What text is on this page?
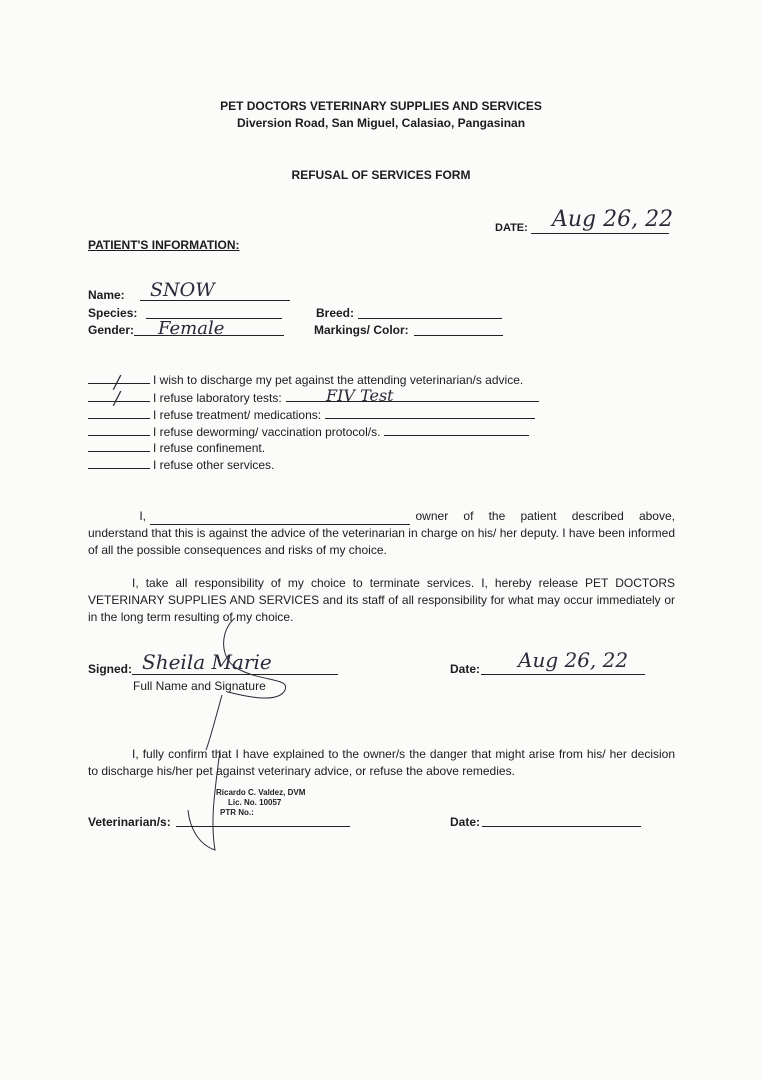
PET DOCTORS VETERINARY SUPPLIES AND SERVICES
Diversion Road, San Miguel, Calasiao, Pangasinan
REFUSAL OF SERVICES FORM
DATE: Aug 26, 22
PATIENT'S INFORMATION:
Name: SNOW
Species:	Breed:
Gender: Female	Markings/ Color:
I wish to discharge my pet against the attending veterinarian/s advice.
I refuse laboratory tests:
I refuse treatment/ medications:
I refuse deworming/ vaccination protocol/s.
I refuse confinement.
I refuse other services.
/
/	FIV Test
I,	owner of the patient described above,
understand that this is against the advice of the veterinarian in charge on his/ her deputy. I have been informed of all the possible consequences and risks of my choice.
I, take all responsibility of my choice to terminate services. I, hereby release PET DOCTORS VETERINARY SUPPLIES AND SERVICES and its staff of all responsibility for what may occur immediately or in the long term resulting of my choice.
Signed: Sheila Marie
Full Name and Signature
Date: Aug 26, 22
I, fully confirm that I have explained to the owner/s the danger that might arise from his/ her decision to discharge his/her pet against veterinary advice, or refuse the above remedies.
Veterinarian/s:
Ricardo C. Valdez, DVM
Lic. No. 10057
PTR No.:
Date:
